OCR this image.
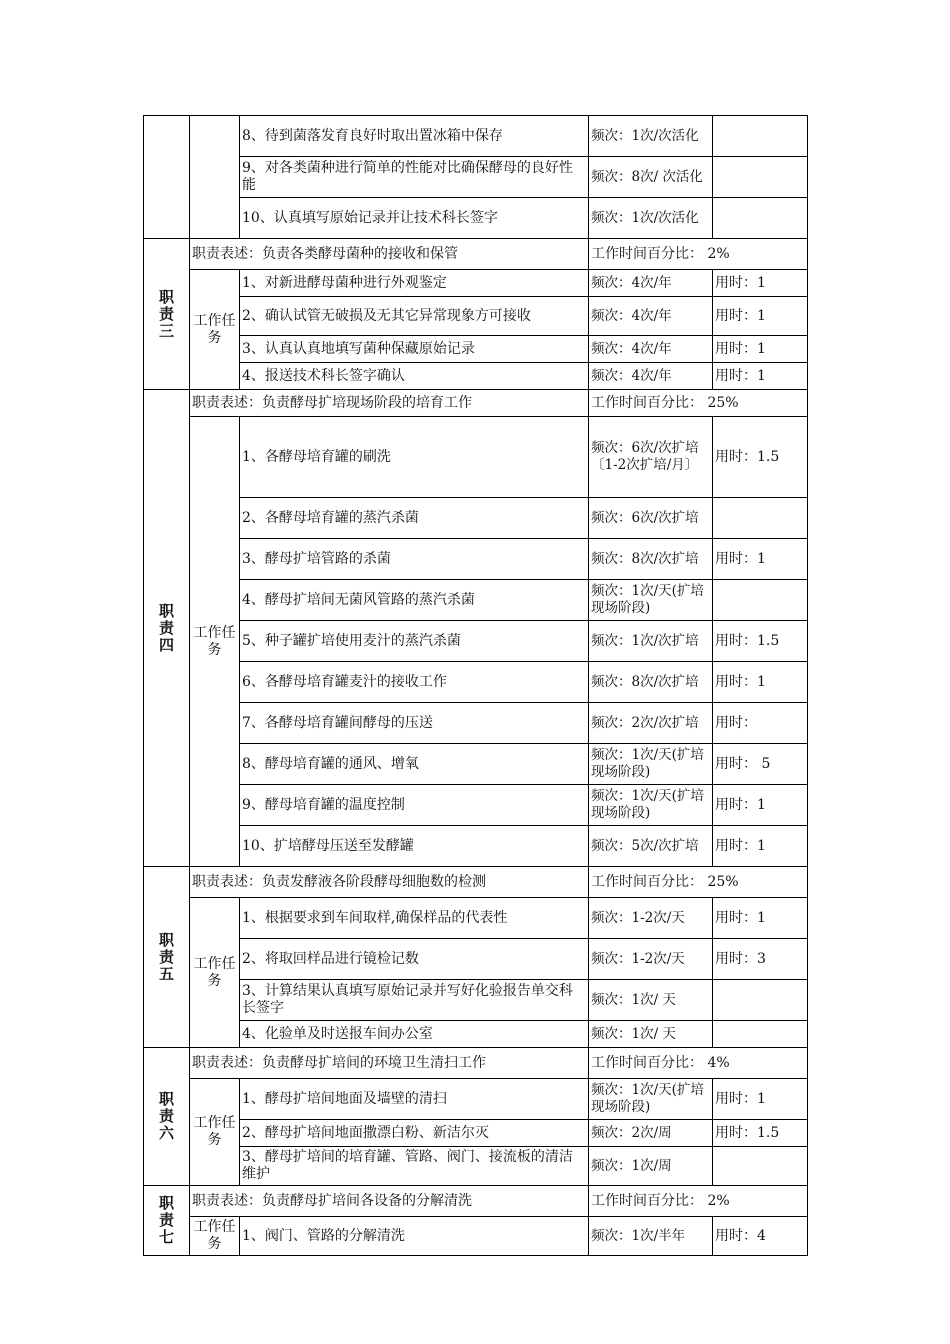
		8、待到菌落发育良好时取出置冰箱中保存	频次：1次/次活化	
		9、对各类菌种进行简单的性能对比确保酵母的良好性能	频次：8次/ 次活化	
		10、认真填写原始记录并让技术科长签字	频次：1次/次活化	

职
责
三	职责表述：负责各类酵母菌种的接收和保管		工作时间百分比： 2%	
	工作任务	1、对新进酵母菌种进行外观鉴定	频次：4次/年	用时：1
		2、确认试管无破损及无其它异常现象方可接收	频次：4次/年	用时：1
		3、认真认真地填写菌种保藏原始记录	频次：4次/年	用时：1
		4、报送技术科长签字确认	频次：4次/年	用时：1

职
责
四	职责表述：负责酵母扩培现场阶段的培育工作		工作时间百分比： 25%	
	工作任务	1、各酵母培育罐的刷洗	频次：6次/次扩培〔1-2次扩培/月〕	用时：1.5
		2、各酵母培育罐的蒸汽杀菌	频次：6次/次扩培	
		3、酵母扩培管路的杀菌	频次：8次/次扩培	用时：1
		4、酵母扩培间无菌风管路的蒸汽杀菌	频次：1次/天(扩培现场阶段)	
		5、种子罐扩培使用麦汁的蒸汽杀菌	频次：1次/次扩培	用时：1.5
		6、各酵母培育罐麦汁的接收工作	频次：8次/次扩培	用时：1
		7、各酵母培育罐间酵母的压送	频次：2次/次扩培	用时：
		8、酵母培育罐的通风、增氧	频次：1次/天(扩培现场阶段)	用时： 5
		9、酵母培育罐的温度控制	频次：1次/天(扩培现场阶段)	用时：1
		10、扩培酵母压送至发酵罐	频次：5次/次扩培	用时：1

职
责
五	职责表述：负责发酵液各阶段酵母细胞数的检测		工作时间百分比： 25%	
	工作任务	1、根据要求到车间取样,确保样品的代表性	频次：1-2次/天	用时：1
		2、将取回样品进行镜检记数	频次：1-2次/天	用时：3
		3、计算结果认真填写原始记录并写好化验报告单交科长签字	频次：1次/ 天	
		4、化验单及时送报车间办公室	频次：1次/ 天	

职
责
六	职责表述：负责酵母扩培间的环境卫生清扫工作		工作时间百分比： 4%	
	工作任务	1、酵母扩培间地面及墙壁的清扫	频次：1次/天(扩培现场阶段)	用时：1
		2、酵母扩培间地面撒漂白粉、新洁尔灭	频次：2次/周	用时：1.5
		3、酵母扩培间的培育罐、管路、阀门、接流板的清洁维护	频次：1次/周	

职
责
七	职责表述：负责酵母扩培间各设备的分解清洗		工作时间百分比： 2%	
	工作任务	1、阀门、管路的分解清洗	频次：1次/半年	用时：4
